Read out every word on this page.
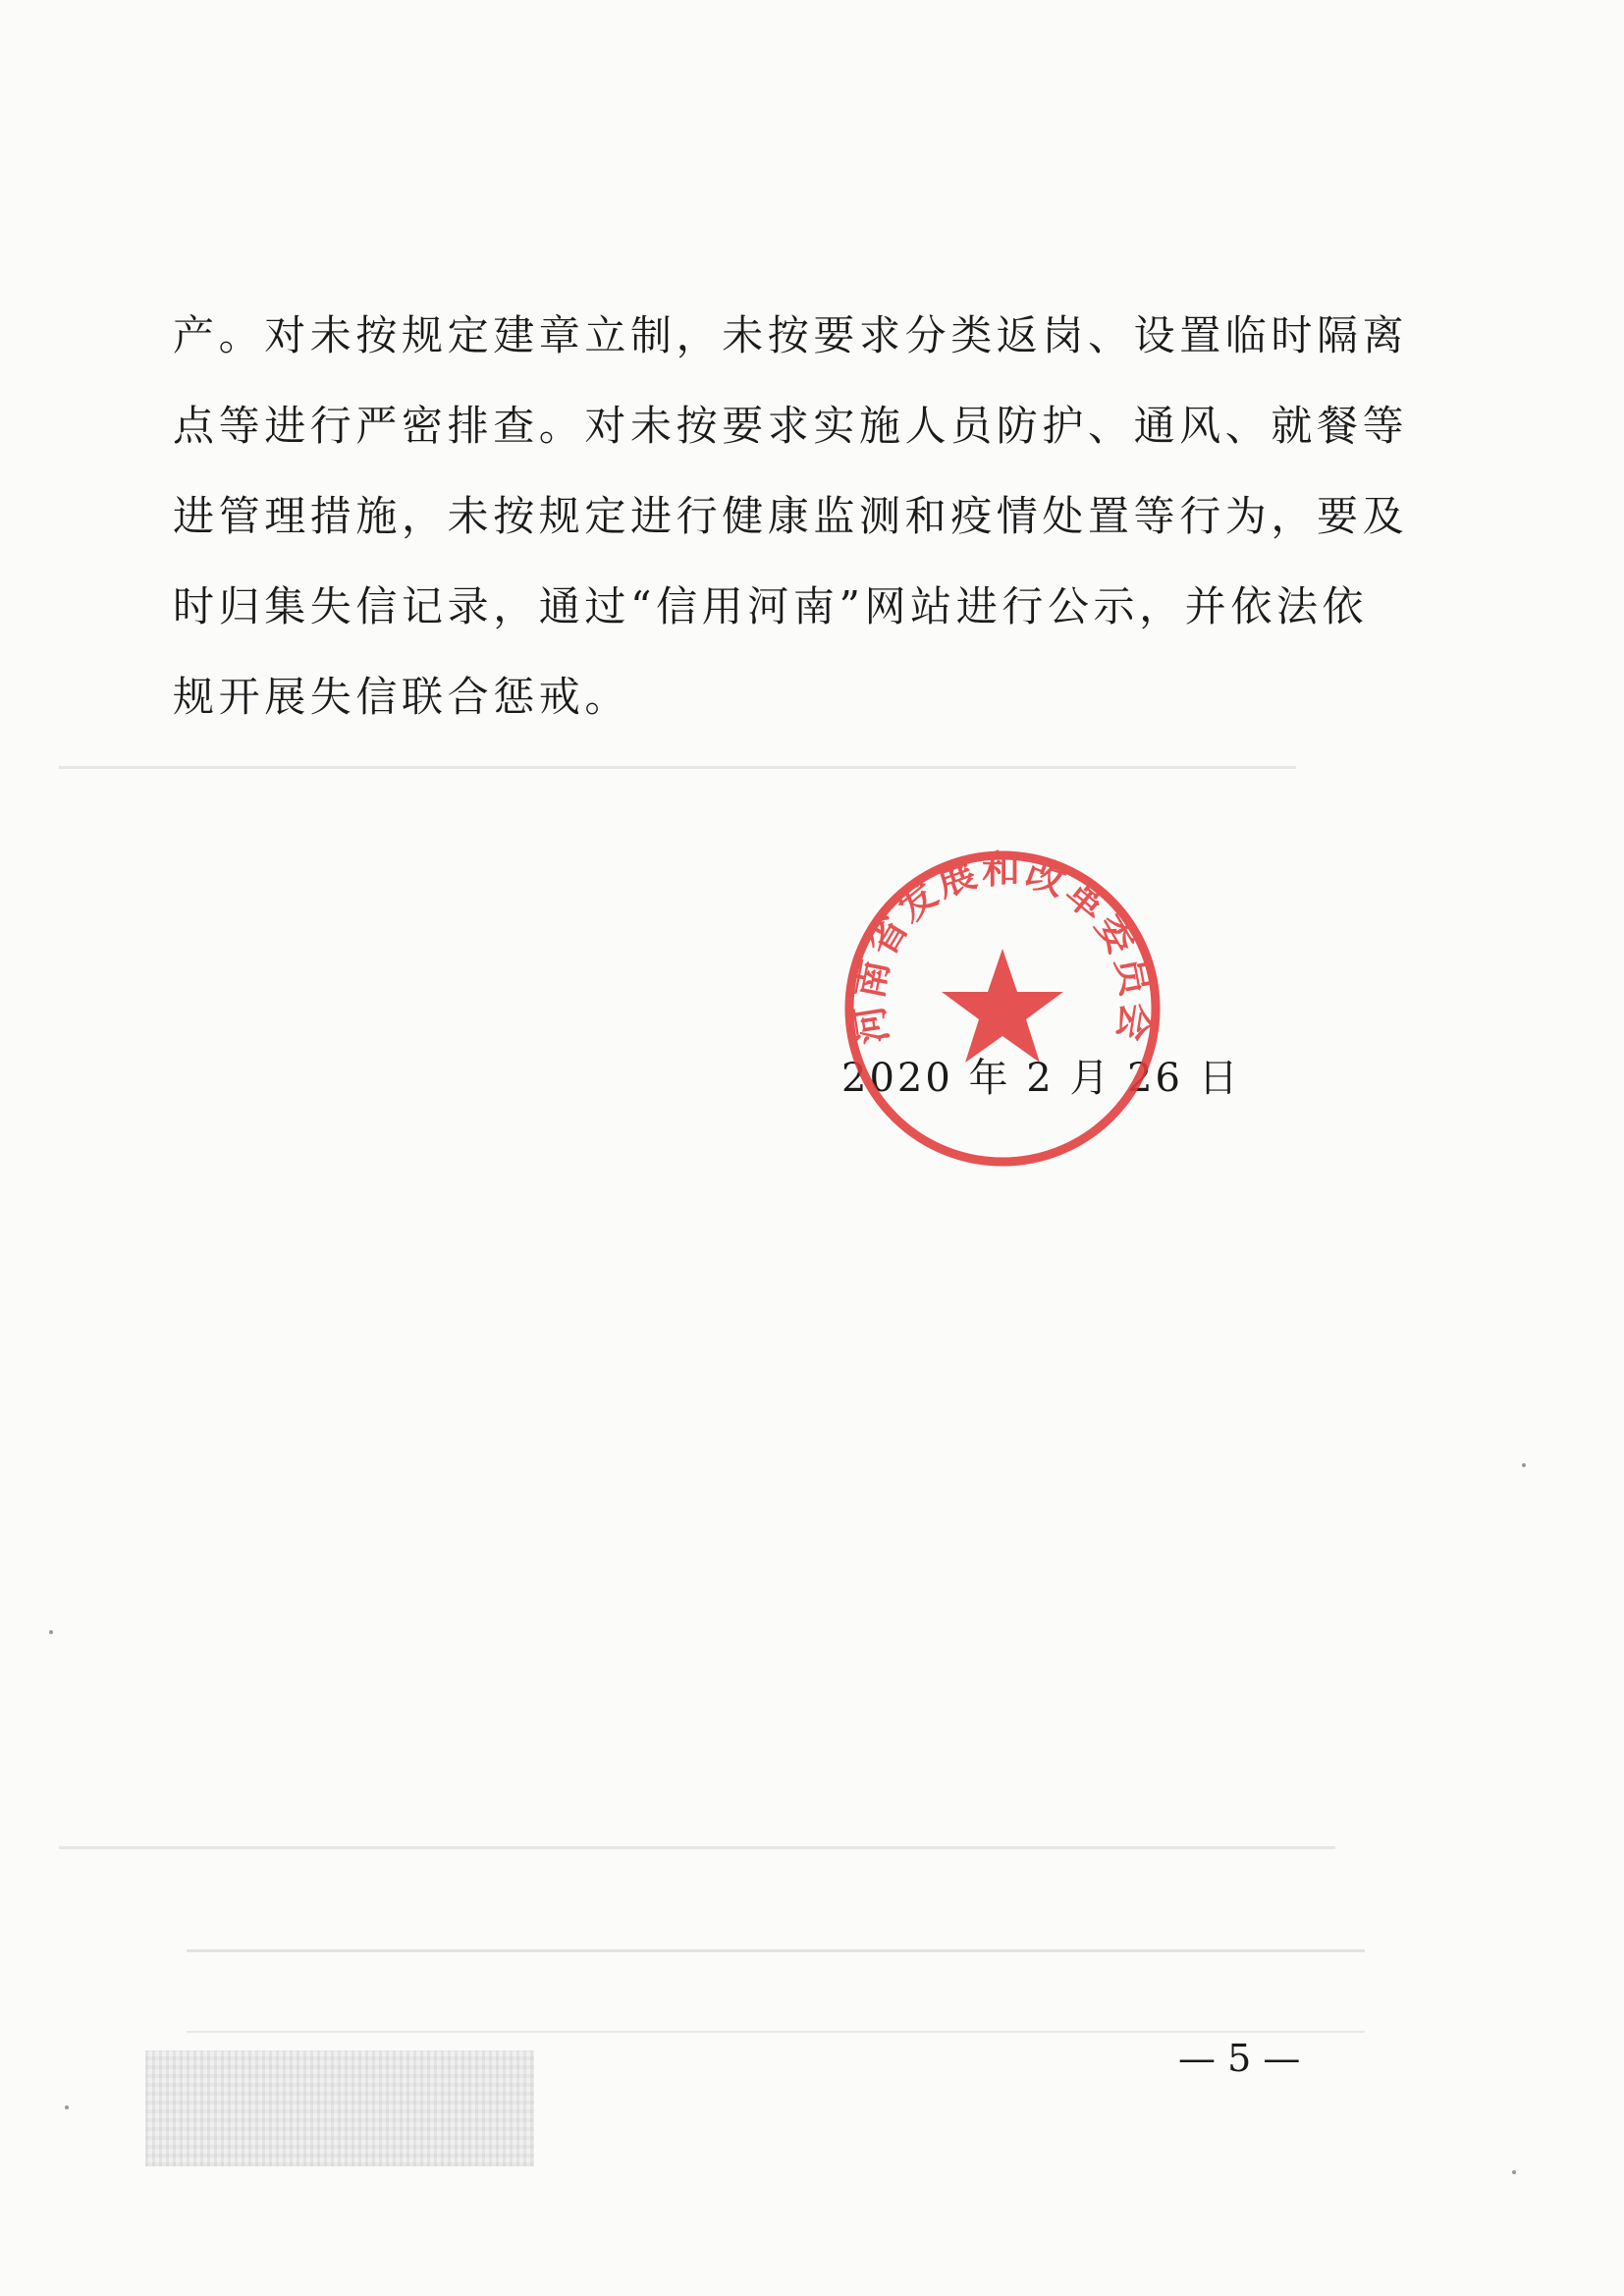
产。对未按规定建章立制，未按要求分类返岗、设置临时隔离
点等进行严密排查。对未按要求实施人员防护、通风、就餐等
进管理措施，未按规定进行健康监测和疫情处置等行为，要及
时归集失信记录，通过“信用河南”网站进行公示，并依法依
规开展失信联合惩戒。

2020 年 2 月 26 日
河南省发展和改革委员会
— 5 —
